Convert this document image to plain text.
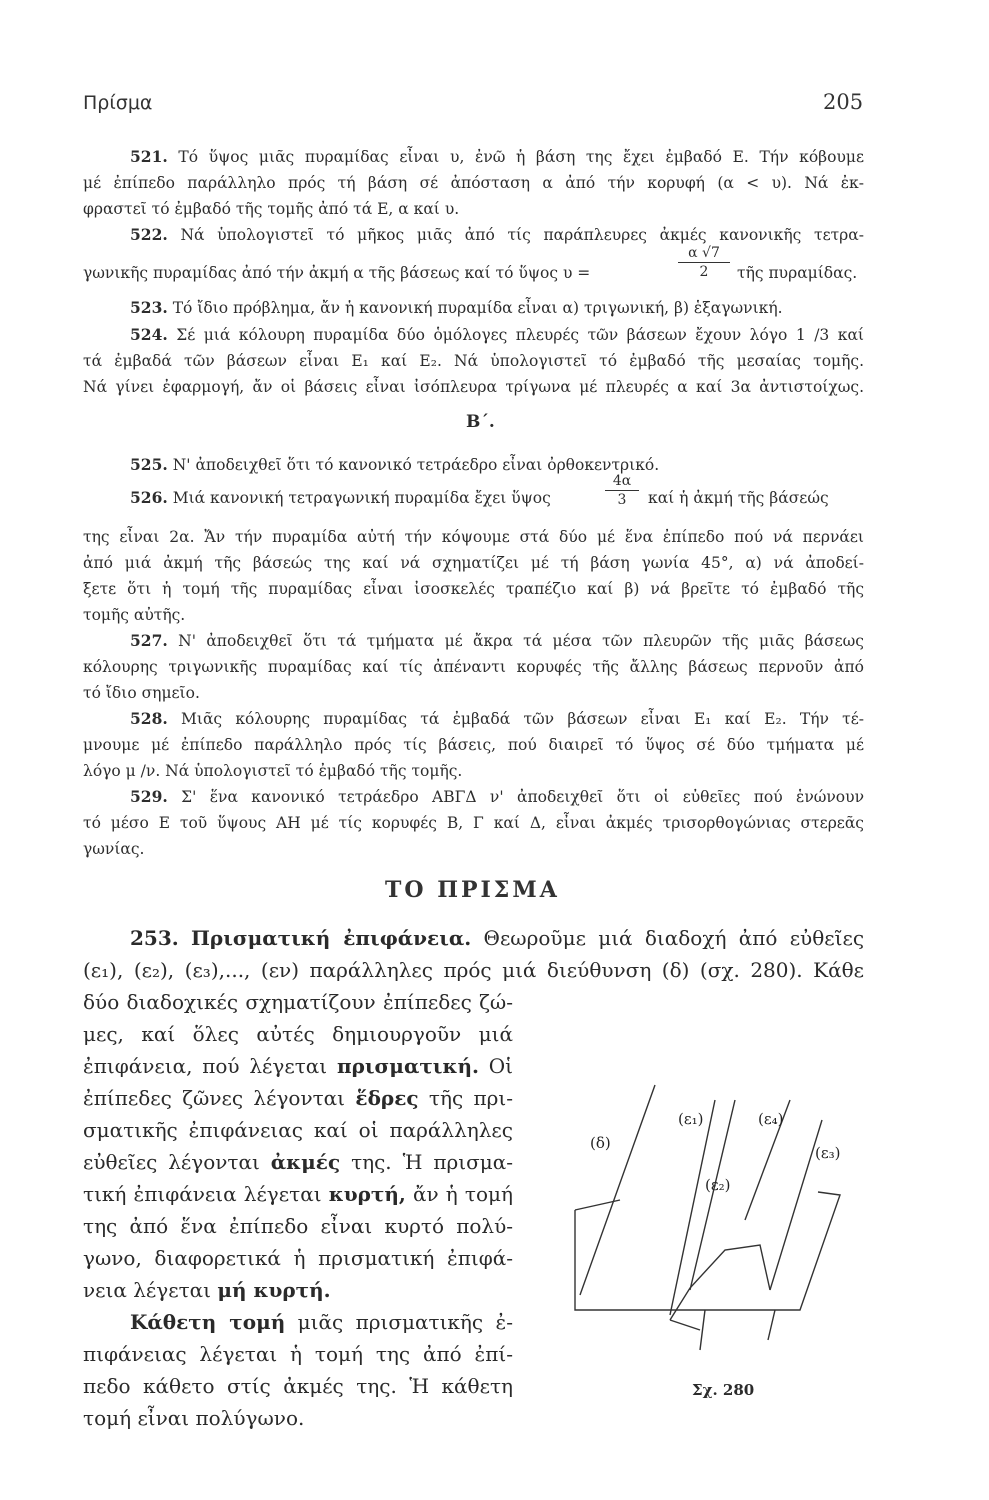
Πρίσμα	205
521. Τό ὕψος μιᾶς πυραμίδας εἶναι υ, ἐνῶ ἡ βάση της ἔχει ἐμβαδό Ε. Τήν κόβουμε
μέ ἐπίπεδο παράλληλο πρός τή βάση σέ ἀπόσταση α ἀπό τήν κορυφή (α < υ). Νά ἐκ-
φραστεῖ τό ἐμβαδό τῆς τομῆς ἀπό τά Ε, α καί υ.
522. Νά ὑπολογιστεῖ τό μῆκος μιᾶς ἀπό τίς παράπλευρες ἀκμές κανονικῆς τετρα-
γωνικῆς πυραμίδας ἀπό τήν ἀκμή α τῆς βάσεως καί τό ὕψος υ =	$\frac{\alpha √7}{2}$ τῆς πυραμίδας.
523. Τό ἴδιο πρόβλημα, ἄν ἡ κανονική πυραμίδα εἶναι α) τριγωνική, β) ἑξαγωνική.
524. Σέ μιά κόλουρη πυραμίδα δύο ὁμόλογες πλευρές τῶν βάσεων ἔχουν λόγο 1 /3 καί
τά ἐμβαδά τῶν βάσεων εἶναι Ε₁ καί Ε₂. Νά ὑπολογιστεῖ τό ἐμβαδό τῆς μεσαίας τομῆς.
Νά γίνει ἐφαρμογή, ἄν οἱ βάσεις εἶναι ἰσόπλευρα τρίγωνα μέ πλευρές α καί 3α ἀντιστοίχως.
Β΄.
525. Ν' ἀποδειχθεῖ ὅτι τό κανονικό τετράεδρο εἶναι ὀρθοκεντρικό.
526. Μιά κανονική τετραγωνική πυραμίδα ἔχει ὕψος	$\frac{4\alpha}{3}$ καί ἡ ἀκμή τῆς βάσεώς
της εἶναι 2α. Ἄν τήν πυραμίδα αὐτή τήν κόψουμε στά δύο μέ ἕνα ἐπίπεδο πού νά περνάει
ἀπό μιά ἀκμή τῆς βάσεώς της καί νά σχηματίζει μέ τή βάση γωνία 45°, α) νά ἀποδεί-
ξετε ὅτι ἡ τομή τῆς πυραμίδας εἶναι ἰσοσκελές τραπέζιο καί β) νά βρεῖτε τό ἐμβαδό τῆς
τομῆς αὐτῆς.
527. Ν' ἀποδειχθεῖ ὅτι τά τμήματα μέ ἄκρα τά μέσα τῶν πλευρῶν τῆς μιᾶς βάσεως
κόλουρης τριγωνικῆς πυραμίδας καί τίς ἀπέναντι κορυφές τῆς ἄλλης βάσεως περνοῦν ἀπό
τό ἴδιο σημεῖο.
528. Μιᾶς κόλουρης πυραμίδας τά ἐμβαδά τῶν βάσεων εἶναι Ε₁ καί Ε₂. Τήν τέ-
μνουμε μέ ἐπίπεδο παράλληλο πρός τίς βάσεις, πού διαιρεῖ τό ὕψος σέ δύο τμήματα μέ
λόγο μ /ν. Νά ὑπολογιστεῖ τό ἐμβαδό τῆς τομῆς.
529. Σ' ἕνα κανονικό τετράεδρο ΑΒΓΔ ν' ἀποδειχθεῖ ὅτι οἱ εὐθεῖες πού ἑνώνουν
τό μέσο Ε τοῦ ὕψους ΑΗ μέ τίς κορυφές Β, Γ καί Δ, εἶναι ἀκμές τρισορθογώνιας στερεᾶς
γωνίας.
ΤΟ ΠΡΙΣΜΑ
253. Πρισματική ἐπιφάνεια. Θεωροῦμε μιά διαδοχή ἀπό εὐθεῖες
(ε₁), (ε₂), (ε₃),..., (εν) παράλληλες πρός μιά διεύθυνση (δ) (σχ. 280). Κάθε
δύο διαδοχικές σχηματίζουν ἐπίπεδες ζώ-
μες, καί ὅλες αὐτές δημιουργοῦν μιά
ἐπιφάνεια, πού λέγεται πρισματική. Οἱ
ἐπίπεδες ζῶνες λέγονται ἕδρες τῆς πρι-
σματικῆς ἐπιφάνειας καί οἱ παράλληλες
εὐθεῖες λέγονται ἀκμές της. Ἡ πρισμα-
τική ἐπιφάνεια λέγεται κυρτή, ἄν ἡ τομή
της ἀπό ἕνα ἐπίπεδο εἶναι κυρτό πολύ-
γωνο, διαφορετικά ἡ πρισματική ἐπιφά-
νεια λέγεται μή κυρτή.
Κάθετη τομή μιᾶς πρισματικῆς ἐ-
πιφάνειας λέγεται ἡ τομή της ἀπό ἐπί-
πεδο κάθετο στίς ἀκμές της. Ἡ κάθετη
τομή εἶναι πολύγωνο.
(δ)
(ε₁)	(ε₄)
(ε₃)
(ε₂)
Σχ. 280
